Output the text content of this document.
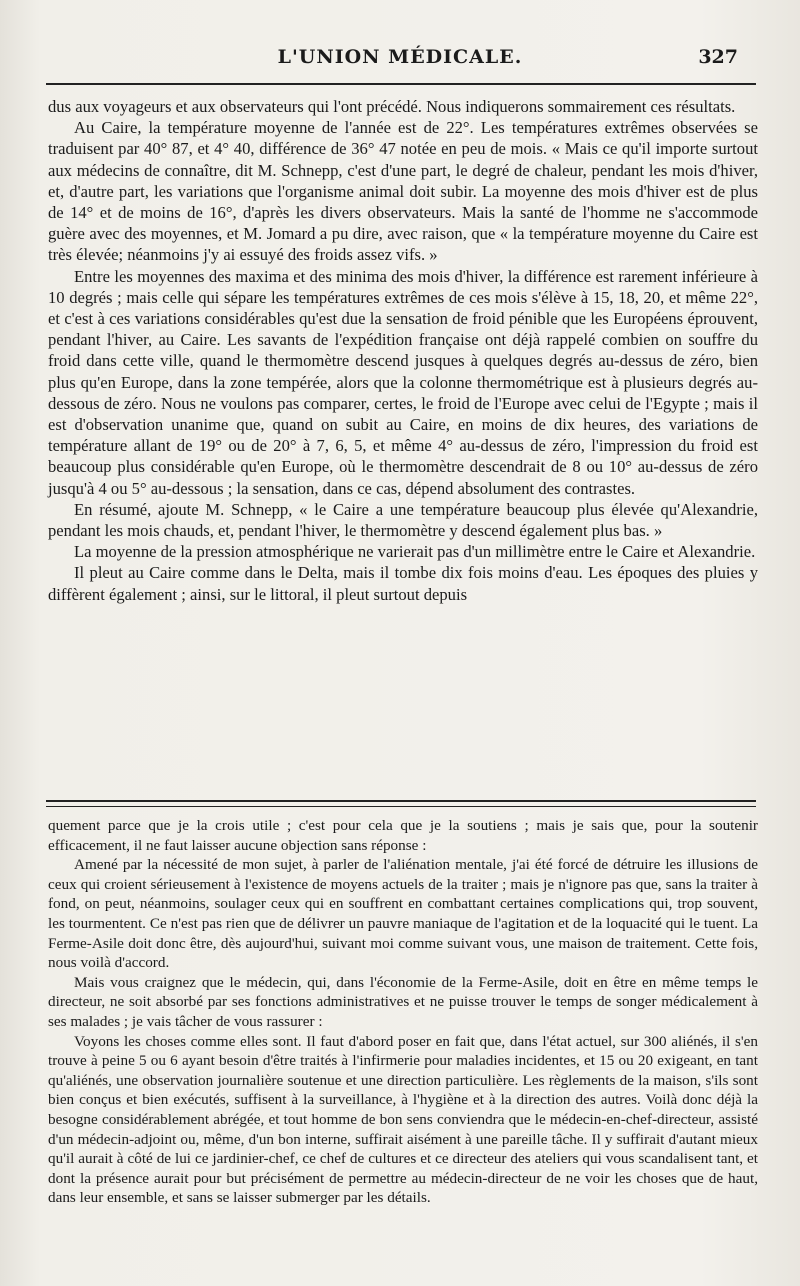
L'UNION MÉDICALE.	327

dus aux voyageurs et aux observateurs qui l'ont précédé. Nous indiquerons sommairement ces résultats.

Au Caire, la température moyenne de l'année est de 22°. Les températures extrêmes observées se traduisent par 40° 87, et 4° 40, différence de 36° 47 notée en peu de mois. « Mais ce qu'il importe surtout aux médecins de connaître, dit M. Schnepp, c'est d'une part, le degré de chaleur, pendant les mois d'hiver, et, d'autre part, les variations que l'organisme animal doit subir. La moyenne des mois d'hiver est de plus de 14° et de moins de 16°, d'après les divers observateurs. Mais la santé de l'homme ne s'accommode guère avec des moyennes, et M. Jomard a pu dire, avec raison, que « la température moyenne du Caire est très élevée; néanmoins j'y ai essuyé des froids assez vifs. »

Entre les moyennes des maxima et des minima des mois d'hiver, la différence est rarement inférieure à 10 degrés ; mais celle qui sépare les températures extrêmes de ces mois s'élève à 15, 18, 20, et même 22°, et c'est à ces variations considérables qu'est due la sensation de froid pénible que les Européens éprouvent, pendant l'hiver, au Caire. Les savants de l'expédition française ont déjà rappelé combien on souffre du froid dans cette ville, quand le thermomètre descend jusques à quelques degrés au-dessus de zéro, bien plus qu'en Europe, dans la zone tempérée, alors que la colonne thermométrique est à plusieurs degrés au-dessous de zéro. Nous ne voulons pas comparer, certes, le froid de l'Europe avec celui de l'Egypte ; mais il est d'observation unanime que, quand on subit au Caire, en moins de dix heures, des variations de température allant de 19° ou de 20° à 7, 6, 5, et même 4° au-dessus de zéro, l'impression du froid est beaucoup plus considérable qu'en Europe, où le thermomètre descendrait de 8 ou 10° au-dessus de zéro jusqu'à 4 ou 5° au-dessous ; la sensation, dans ce cas, dépend absolument des contrastes.

En résumé, ajoute M. Schnepp, « le Caire a une température beaucoup plus élevée qu'Alexandrie, pendant les mois chauds, et, pendant l'hiver, le thermomètre y descend également plus bas. »

La moyenne de la pression atmosphérique ne varierait pas d'un millimètre entre le Caire et Alexandrie.

Il pleut au Caire comme dans le Delta, mais il tombe dix fois moins d'eau. Les époques des pluies y diffèrent également ; ainsi, sur le littoral, il pleut surtout depuis

quement parce que je la crois utile ; c'est pour cela que je la soutiens ; mais je sais que, pour la soutenir efficacement, il ne faut laisser aucune objection sans réponse :

Amené par la nécessité de mon sujet, à parler de l'aliénation mentale, j'ai été forcé de détruire les illusions de ceux qui croient sérieusement à l'existence de moyens actuels de la traiter ; mais je n'ignore pas que, sans la traiter à fond, on peut, néanmoins, soulager ceux qui en souffrent en combattant certaines complications qui, trop souvent, les tourmentent. Ce n'est pas rien que de délivrer un pauvre maniaque de l'agitation et de la loquacité qui le tuent. La Ferme-Asile doit donc être, dès aujourd'hui, suivant moi comme suivant vous, une maison de traitement. Cette fois, nous voilà d'accord.

Mais vous craignez que le médecin, qui, dans l'économie de la Ferme-Asile, doit en être en même temps le directeur, ne soit absorbé par ses fonctions administratives et ne puisse trouver le temps de songer médicalement à ses malades ; je vais tâcher de vous rassurer :

Voyons les choses comme elles sont. Il faut d'abord poser en fait que, dans l'état actuel, sur 300 aliénés, il s'en trouve à peine 5 ou 6 ayant besoin d'être traités à l'infirmerie pour maladies incidentes, et 15 ou 20 exigeant, en tant qu'aliénés, une observation journalière soutenue et une direction particulière. Les règlements de la maison, s'ils sont bien conçus et bien exécutés, suffisent à la surveillance, à l'hygiène et à la direction des autres. Voilà donc déjà la besogne considérablement abrégée, et tout homme de bon sens conviendra que le médecin-en-chef-directeur, assisté d'un médecin-adjoint ou, même, d'un bon interne, suffirait aisément à une pareille tâche. Il y suffirait d'autant mieux qu'il aurait à côté de lui ce jardinier-chef, ce chef de cultures et ce directeur des ateliers qui vous scandalisent tant, et dont la présence aurait pour but précisément de permettre au médecin-directeur de ne voir les choses que de haut, dans leur ensemble, et sans se laisser submerger par les détails.
